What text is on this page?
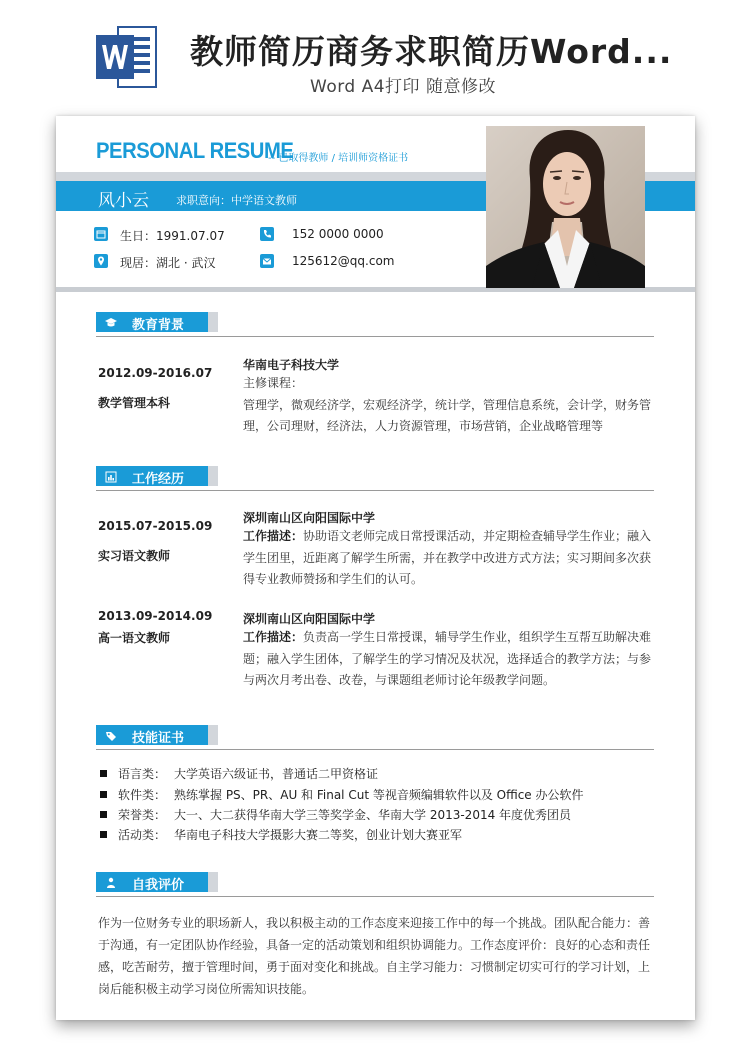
教师简历商务求职简历Word...
Word A4打印 随意修改
PERSONAL RESUME
-- 已取得教师 / 培训师资格证书
风小云 求职意向：中学语文教师
生日：1991.07.07	152 0000 0000
现居：湖北 · 武汉	125612@qq.com
教育背景
2012.09-2016.07
教学管理本科
华南电子科技大学
主修课程：
管理学，微观经济学，宏观经济学，统计学，管理信息系统，会计学，财务管理，公司理财，经济法，人力资源管理，市场营销，企业战略管理等
工作经历
2015.07-2015.09
实习语文教师
深圳南山区向阳国际中学
工作描述：协助语文老师完成日常授课活动，并定期检查辅导学生作业；融入学生团里，近距离了解学生所需，并在教学中改进方式方法；实习期间多次获得专业教师赞扬和学生们的认可。
2013.09-2014.09
高一语文教师
深圳南山区向阳国际中学
工作描述：负责高一学生日常授课，辅导学生作业，组织学生互帮互助解决难题；融入学生团体，了解学生的学习情况及状况，选择适合的教学方法；与参与两次月考出卷、改卷，与课题组老师讨论年级教学问题。
技能证书
语言类： 大学英语六级证书，普通话二甲资格证
软件类： 熟练掌握 PS、PR、AU 和 Final Cut 等视音频编辑软件以及 Office 办公软件
荣誉类： 大一、大二获得华南大学三等奖学金、华南大学 2013-2014 年度优秀团员
活动类： 华南电子科技大学摄影大赛二等奖，创业计划大赛亚军
自我评价
作为一位财务专业的职场新人，我以积极主动的工作态度来迎接工作中的每一个挑战。团队配合能力：善于沟通，有一定团队协作经验，具备一定的活动策划和组织协调能力。工作态度评价：良好的心态和责任感，吃苦耐劳，擅于管理时间，勇于面对变化和挑战。自主学习能力：习惯制定切实可行的学习计划，上岗后能积极主动学习岗位所需知识技能。
